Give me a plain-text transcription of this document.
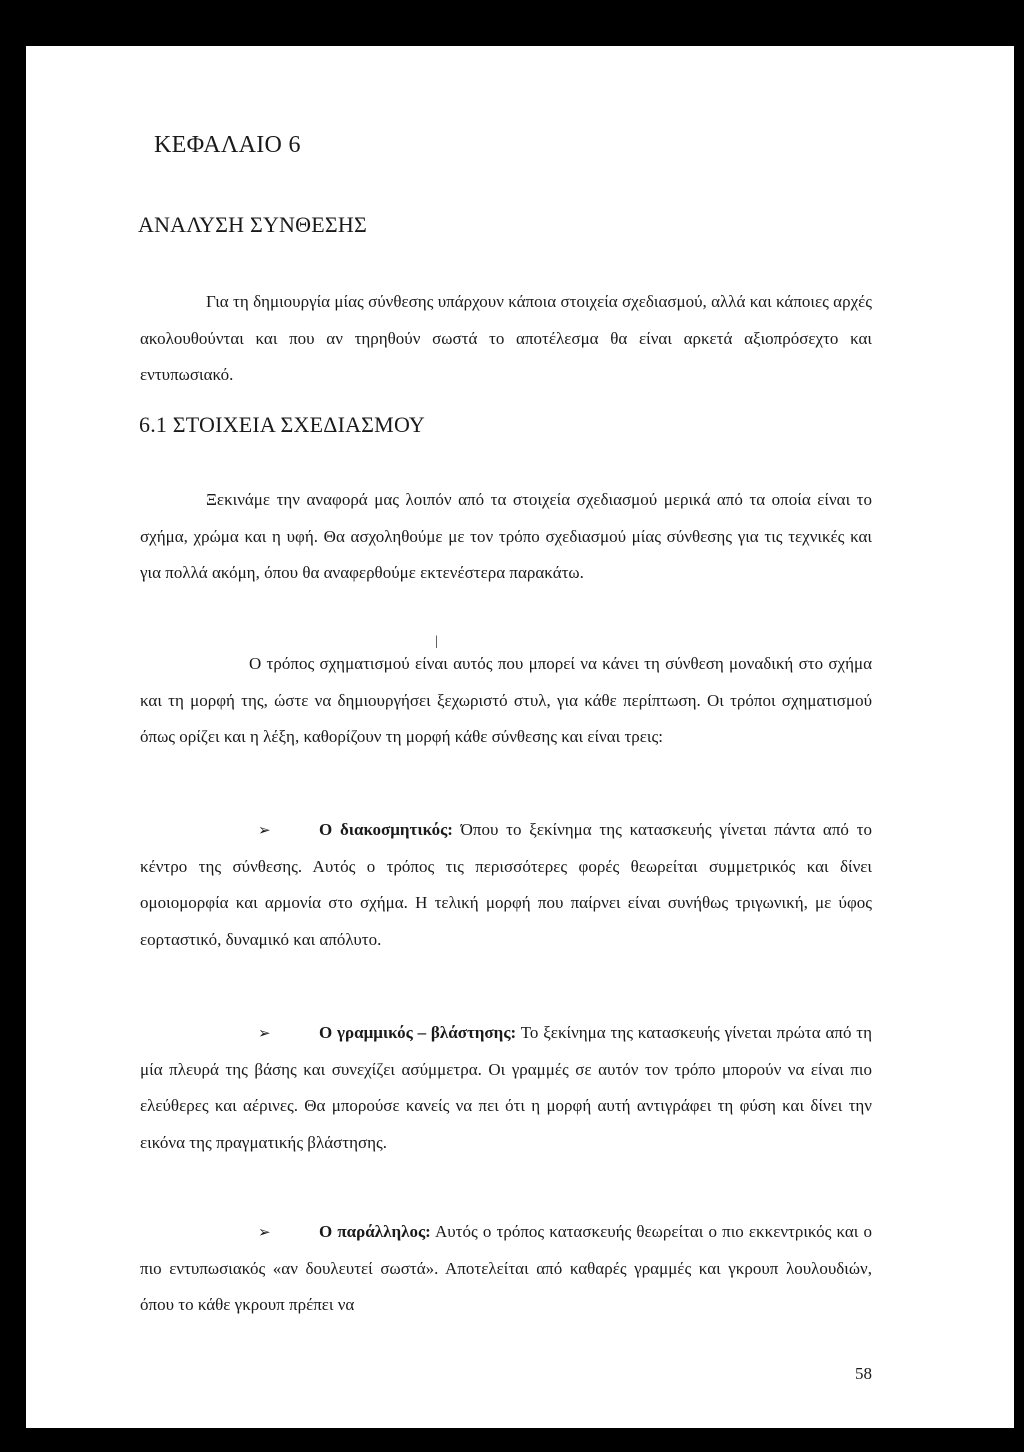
ΚΕΦΑΛΑΙΟ 6
ΑΝΑΛΥΣΗ ΣΥΝΘΕΣΗΣ
Για τη δημιουργία μίας σύνθεσης υπάρχουν κάποια στοιχεία σχεδιασμού, αλλά και κάποιες αρχές ακολουθούνται και που αν τηρηθούν σωστά το αποτέλεσμα θα είναι αρκετά αξιοπρόσεχτο και εντυπωσιακό.
6.1 ΣΤΟΙΧΕΙΑ ΣΧΕΔΙΑΣΜΟΥ
Ξεκινάμε την αναφορά μας λοιπόν από τα στοιχεία σχεδιασμού μερικά από τα οποία είναι το σχήμα, χρώμα και η υφή. Θα ασχοληθούμε με τον τρόπο σχεδιασμού μίας σύνθεσης για τις τεχνικές και για πολλά ακόμη, όπου θα αναφερθούμε εκτενέστερα παρακάτω.
|
Ο τρόπος σχηματισμού είναι αυτός που μπορεί να κάνει τη σύνθεση μοναδική στο σχήμα και τη μορφή της, ώστε να δημιουργήσει ξεχωριστό στυλ, για κάθε περίπτωση. Οι τρόποι σχηματισμού όπως ορίζει και η λέξη, καθορίζουν τη μορφή κάθε σύνθεσης και είναι τρεις:
➢	Ο διακοσμητικός: Όπου το ξεκίνημα της κατασκευής γίνεται πάντα από το κέντρο της σύνθεσης. Αυτός ο τρόπος τις περισσότερες φορές θεωρείται συμμετρικός και δίνει ομοιομορφία και αρμονία στο σχήμα. Η τελική μορφή που παίρνει είναι συνήθως τριγωνική, με ύφος εορταστικό, δυναμικό και απόλυτο.
➢	Ο γραμμικός – βλάστησης: Το ξεκίνημα της κατασκευής γίνεται πρώτα από τη μία πλευρά της βάσης και συνεχίζει ασύμμετρα. Οι γραμμές σε αυτόν τον τρόπο μπορούν να είναι πιο ελεύθερες και αέρινες. Θα μπορούσε κανείς να πει ότι η μορφή αυτή αντιγράφει τη φύση και δίνει την εικόνα της πραγματικής βλάστησης.
➢	Ο παράλληλος: Αυτός ο τρόπος κατασκευής θεωρείται ο πιο εκκεντρικός και ο πιο εντυπωσιακός «αν δουλευτεί σωστά». Αποτελείται από καθαρές γραμμές και γκρουπ λουλουδιών, όπου το κάθε γκρουπ πρέπει να
58
